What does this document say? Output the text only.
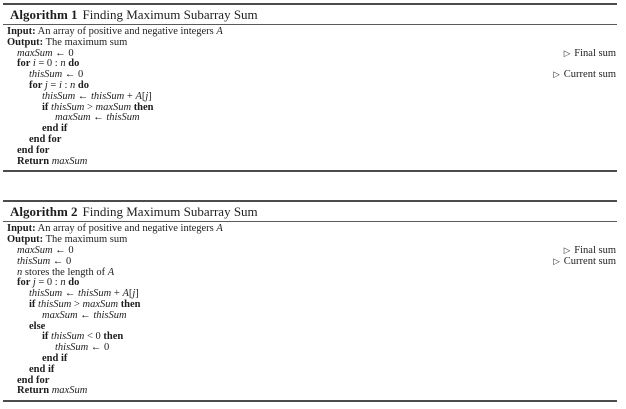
Algorithm 1 Finding Maximum Subarray Sum
Input: An array of positive and negative integers A
Output: The maximum sum
maxSum ← 0	▷ Final sum
for i = 0 : n do
thisSum ← 0	▷ Current sum
for j = i : n do
thisSum ← thisSum + A[j]
if thisSum > maxSum then
maxSum ← thisSum
end if
end for
end for
Return maxSum
Algorithm 2 Finding Maximum Subarray Sum
Input: An array of positive and negative integers A
Output: The maximum sum
maxSum ← 0	▷ Final sum
thisSum ← 0	▷ Current sum
n stores the length of A
for j = 0 : n do
thisSum ← thisSum + A[j]
if thisSum > maxSum then
maxSum ← thisSum
else
if thisSum < 0 then
thisSum ← 0
end if
end if
end for
Return maxSum
